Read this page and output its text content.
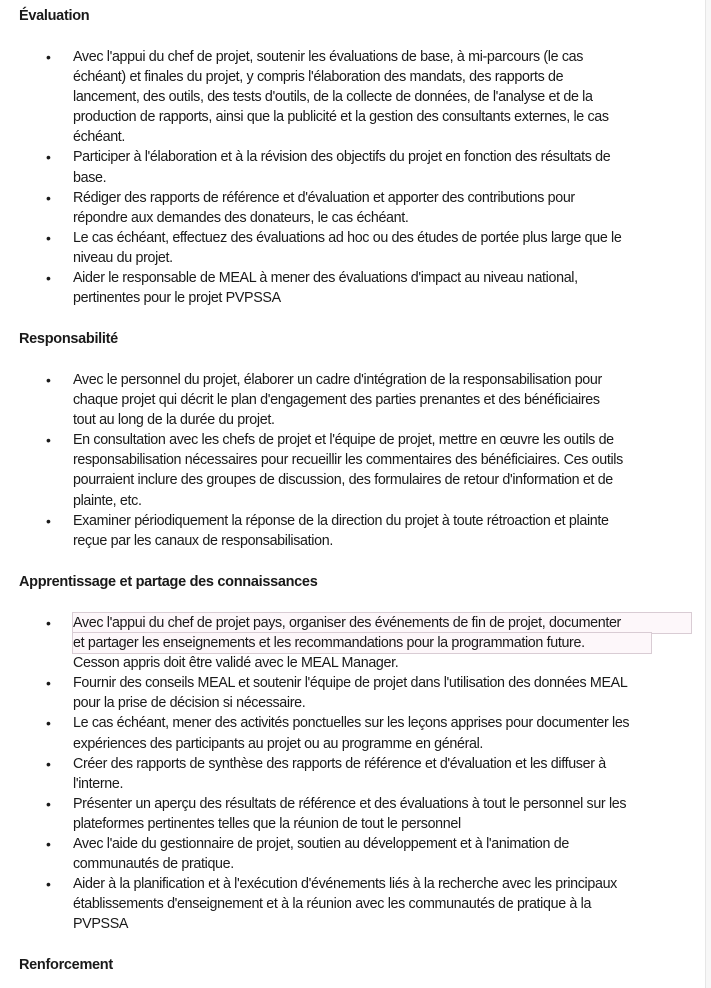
Évaluation
• Avec l'appui du chef de projet, soutenir les évaluations de base, à mi-parcours (le cas
échéant) et finales du projet, y compris l'élaboration des mandats, des rapports de
lancement, des outils, des tests d'outils, de la collecte de données, de l'analyse et de la
production de rapports, ainsi que la publicité et la gestion des consultants externes, le cas
échéant.
• Participer à l'élaboration et à la révision des objectifs du projet en fonction des résultats de
base.
• Rédiger des rapports de référence et d'évaluation et apporter des contributions pour
répondre aux demandes des donateurs, le cas échéant.
• Le cas échéant, effectuez des évaluations ad hoc ou des études de portée plus large que le
niveau du projet.
• Aider le responsable de MEAL à mener des évaluations d'impact au niveau national,
pertinentes pour le projet PVPSSA
Responsabilité
• Avec le personnel du projet, élaborer un cadre d'intégration de la responsabilisation pour
chaque projet qui décrit le plan d'engagement des parties prenantes et des bénéficiaires
tout au long de la durée du projet.
• En consultation avec les chefs de projet et l'équipe de projet, mettre en œuvre les outils de
responsabilisation nécessaires pour recueillir les commentaires des bénéficiaires. Ces outils
pourraient inclure des groupes de discussion, des formulaires de retour d'information et de
plainte, etc.
• Examiner périodiquement la réponse de la direction du projet à toute rétroaction et plainte
reçue par les canaux de responsabilisation.
Apprentissage et partage des connaissances
• Avec l'appui du chef de projet pays, organiser des événements de fin de projet, documenteret partager les enseignements et les recommandations pour la programmation future.
Cesson appris doit être validé avec le MEAL Manager.
• Fournir des conseils MEAL et soutenir l'équipe de projet dans l'utilisation des données MEAL
pour la prise de décision si nécessaire.
• Le cas échéant, mener des activités ponctuelles sur les leçons apprises pour documenter les
expériences des participants au projet ou au programme en général.
• Créer des rapports de synthèse des rapports de référence et d'évaluation et les diffuser à
l'interne.
• Présenter un aperçu des résultats de référence et des évaluations à tout le personnel sur les
plateformes pertinentes telles que la réunion de tout le personnel
• Avec l'aide du gestionnaire de projet, soutien au développement et à l'animation de
communautés de pratique.
• Aider à la planification et à l'exécution d'événements liés à la recherche avec les principaux
établissements d'enseignement et à la réunion avec les communautés de pratique à la
PVPSSA
Renforcement
